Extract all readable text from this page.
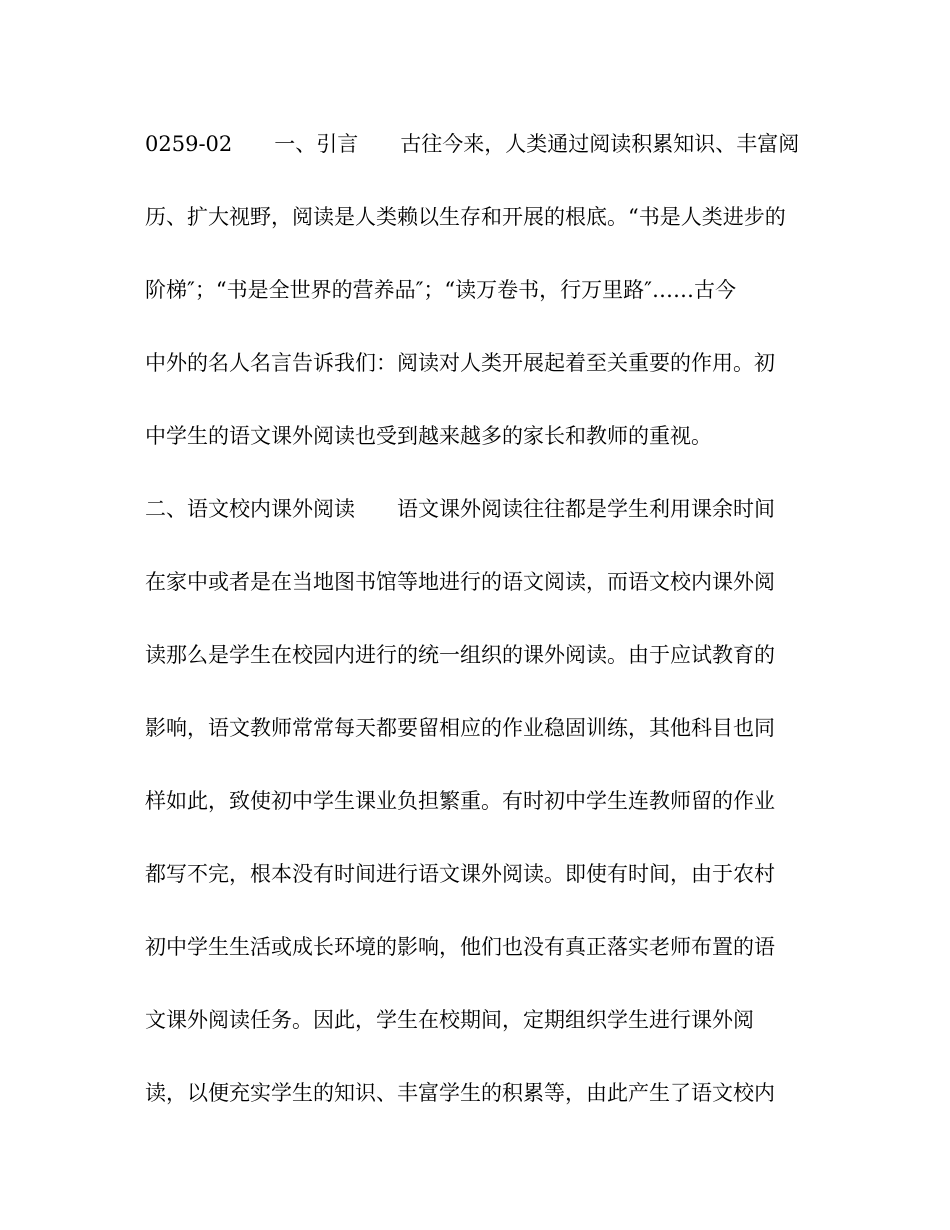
0259-02　　一、引言　　古往今来，人类通过阅读积累知识、丰富阅
历、扩大视野，阅读是人类赖以生存和开展的根底。“书是人类进步的
阶梯″；“书是全世界的营养品″；“读万卷书，行万里路″……古今
中外的名人名言告诉我们：阅读对人类开展起着至关重要的作用。初
中学生的语文课外阅读也受到越来越多的家长和教师的重视。
二、语文校内课外阅读　　语文课外阅读往往都是学生利用课余时间
在家中或者是在当地图书馆等地进行的语文阅读，而语文校内课外阅
读那么是学生在校园内进行的统一组织的课外阅读。由于应试教育的
影响，语文教师常常每天都要留相应的作业稳固训练，其他科目也同
样如此，致使初中学生课业负担繁重。有时初中学生连教师留的作业
都写不完，根本没有时间进行语文课外阅读。即使有时间，由于农村
初中学生生活或成长环境的影响，他们也没有真正落实老师布置的语
文课外阅读任务。因此，学生在校期间，定期组织学生进行课外阅
读，以便充实学生的知识、丰富学生的积累等，由此产生了语文校内
